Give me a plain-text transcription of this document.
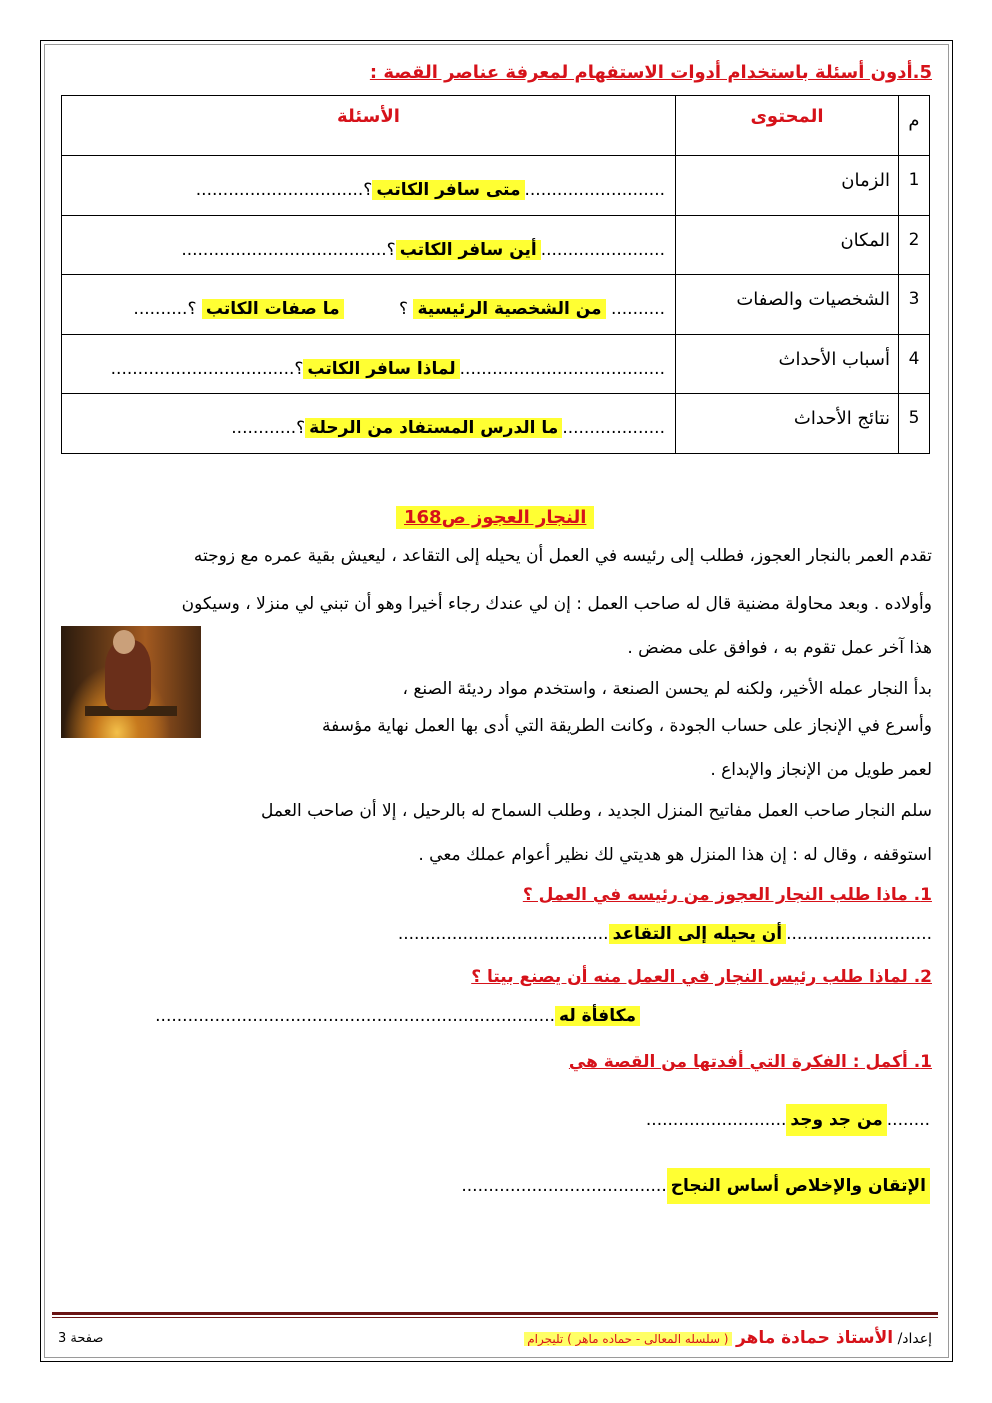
5.أدون أسئلة باستخدام أدوات الاستفهام لمعرفة عناصر القصة :
م	المحتوى	الأسئلة
1	الزمان	..........................متى سافر الكاتب؟...............................
2	المكان	.......................أين سافر الكاتب؟......................................
3	الشخصيات والصفات	.......... من الشخصية الرئيسية ؟ ما صفات الكاتب ؟..........
4	أسباب الأحداث	......................................لماذا سافر الكاتب؟..................................
5	نتائج الأحداث	...................ما الدرس المستفاد من الرحلة؟............
النجار العجوز ص168
تقدم العمر بالنجار العجوز، فطلب إلى رئيسه في العمل أن يحيله إلى التقاعد ، ليعيش بقية عمره مع زوجته
وأولاده . وبعد محاولة مضنية قال له صاحب العمل : إن لي عندك رجاء أخيرا وهو أن تبني لي منزلا ، وسيكون
هذا آخر عمل تقوم به ، فوافق على مضض .
بدأ النجار عمله الأخير، ولكنه لم يحسن الصنعة ، واستخدم مواد رديئة الصنع ،
وأسرع في الإنجاز على حساب الجودة ، وكانت الطريقة التي أدى بها العمل نهاية مؤسفة
لعمر طويل من الإنجاز والإبداع .
سلم النجار صاحب العمل مفاتيح المنزل الجديد ، وطلب السماح له بالرحيل ، إلا أن صاحب العمل
استوقفه ، وقال له : إن هذا المنزل هو هديتي لك نظير أعوام عملك معي .
1. ماذا طلب النجار العجوز من رئيسه في العمل ؟
...........................أن يحيله إلى التقاعد.......................................
2. لماذا طلب رئيس النجار في العمل منه أن يصنع بيتا ؟
مكافأة له..........................................................................
1. أكمل : الفكرة التي أفدتها من القصة هي
........من جد وجد..........................
الإتقان والإخلاص أساس النجاح......................................
إعداد/ الأستاذ حمادة ماهر ( سلسله المعالى - حماده ماهر ) تليجرام
صفحة 3
